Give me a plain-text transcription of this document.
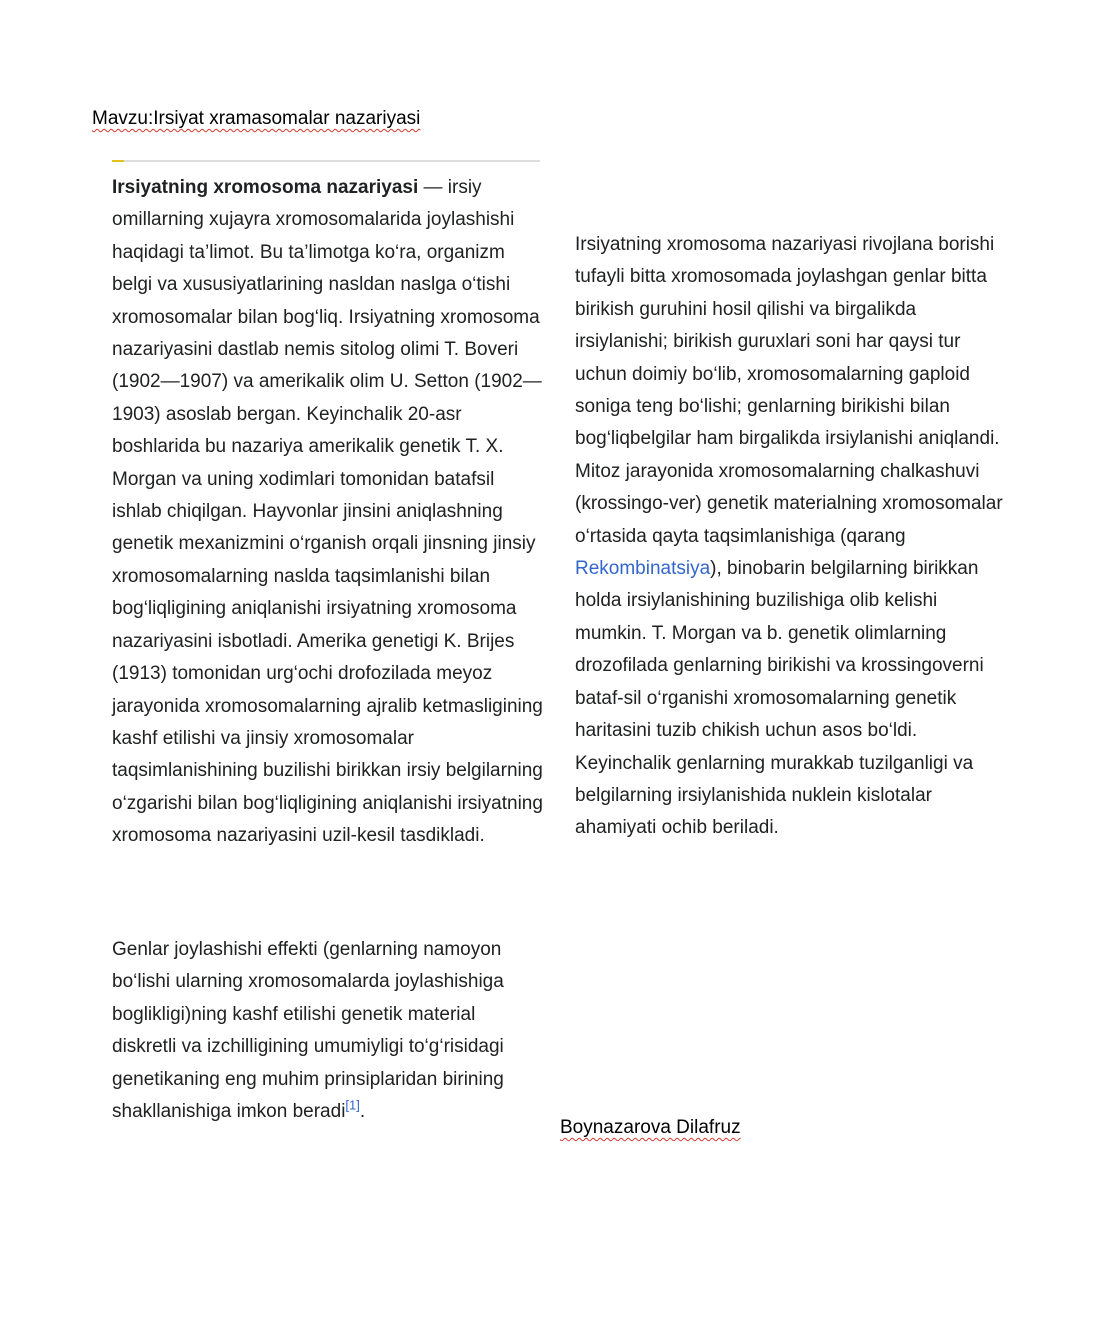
Mavzu:Irsiyat xramasomalar nazariyasi

Irsiyatning xromosoma nazariyasi — irsiy omillarning xujayra xromosomalarida joylashishi haqidagi ta’limot. Bu ta’limotga ko‘ra, organizm belgi va xususiyatlarining nasldan naslga o‘tishi xromosomalar bilan bog‘liq. Irsiyatning xromosoma nazariyasini dastlab nemis sitolog olimi T. Boveri (1902—1907) va amerikalik olim U. Setton (1902—1903) asoslab bergan. Keyinchalik 20-asr boshlarida bu nazariya amerikalik genetik T. X. Morgan va uning xodimlari tomonidan batafsil ishlab chiqilgan. Hayvonlar jinsini aniqlashning genetik mexanizmini o‘rganish orqali jinsning jinsiy xromosomalarning naslda taqsimlanishi bilan bog‘liqligining aniqlanishi irsiyatning xromosoma nazariyasini isbotladi. Amerika genetigi K. Brijes (1913) tomonidan urg‘ochi drofozilada meyoz jarayonida xromosomalarning ajralib ketmasligining kashf etilishi va jinsiy xromosomalar taqsimlanishining buzilishi birikkan irsiy belgilarning o‘zgarishi bilan bog‘liqligining aniqlanishi irsiyatning xromosoma nazariyasini uzil-kesil tasdikladi.

Irsiyatning xromosoma nazariyasi rivojlana borishi tufayli bitta xromosomada joylashgan genlar bitta birikish guruhini hosil qilishi va birgalikda irsiylanishi; birikish guruxlari soni har qaysi tur uchun doimiy bo‘lib, xromosomalarning gaploid soniga teng bo‘lishi; genlarning birikishi bilan bog‘liqbelgilar ham birgalikda irsiylanishi aniqlandi. Mitoz jarayonida xromosomalarning chalkashuvi (krossingo-ver) genetik materialning xromosomalar o‘rtasida qayta taqsimlanishiga (qarang Rekombinatsiya), binobarin belgilarning birikkan holda irsiylanishining buzilishiga olib kelishi mumkin. T. Morgan va b. genetik olimlarning drozofilada genlarning birikishi va krossingoverni bataf-sil o‘rganishi xromosomalarning genetik haritasini tuzib chikish uchun asos bo‘ldi. Keyinchalik genlarning murakkab tuzilganligi va belgilarning irsiylanishida nuklein kislotalar ahamiyati ochib beriladi.

Genlar joylashishi effekti (genlarning namoyon bo‘lishi ularning xromosomalarda joylashishiga boglikligi)ning kashf etilishi genetik material diskretli va izchilligining umumiyligi to‘g‘risidagi genetikaning eng muhim prinsiplaridan birining shakllanishiga imkon beradi[1].

Boynazarova Dilafruz
